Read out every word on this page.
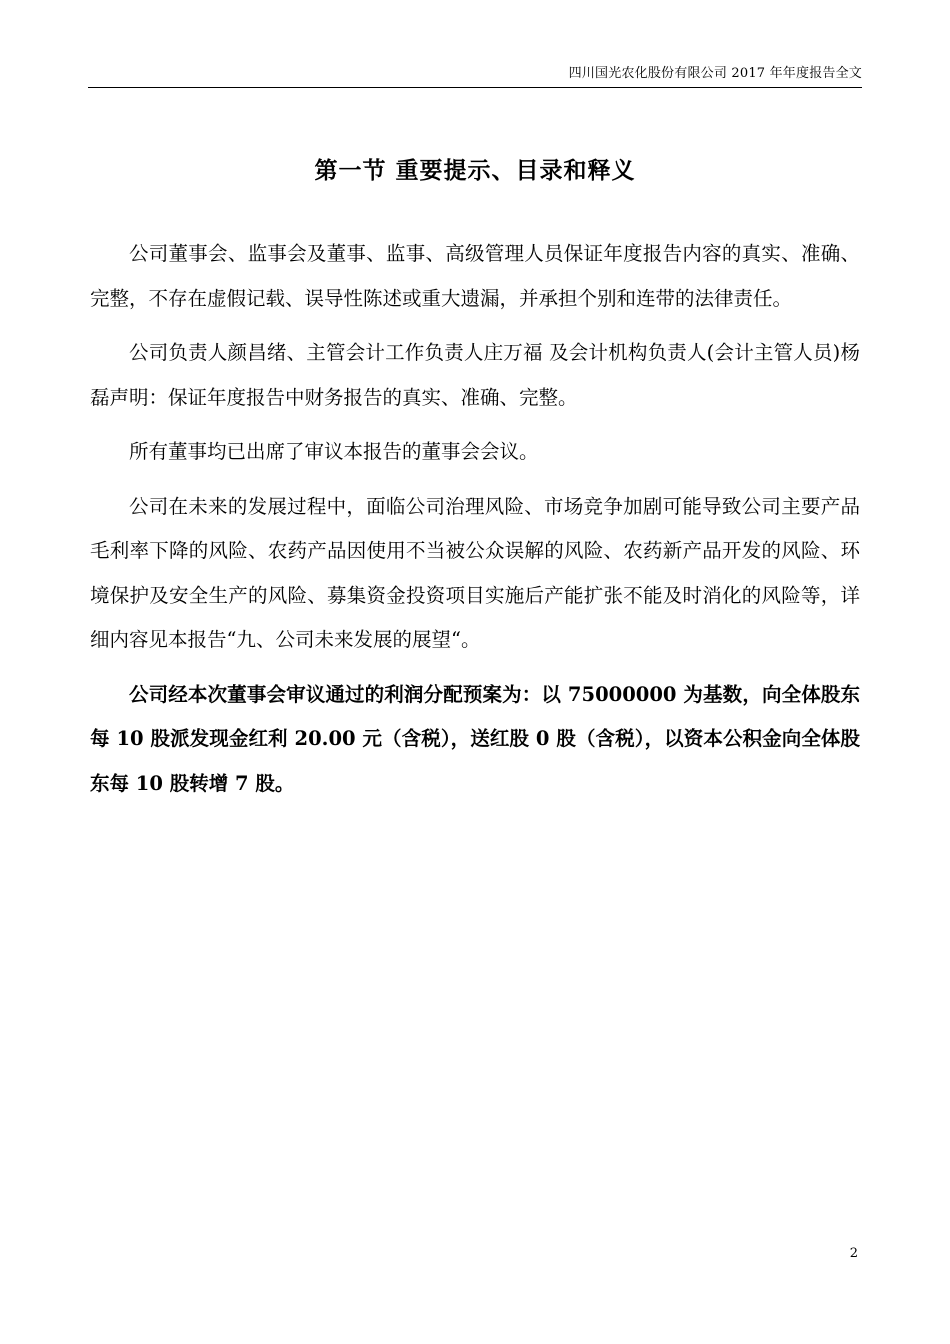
四川国光农化股份有限公司 2017 年年度报告全文
第一节 重要提示、目录和释义

公司董事会、监事会及董事、监事、高级管理人员保证年度报告内容的真实、准确、完整，不存在虚假记载、误导性陈述或重大遗漏，并承担个别和连带的法律责任。

公司负责人颜昌绪、主管会计工作负责人庄万福 及会计机构负责人(会计主管人员)杨磊声明：保证年度报告中财务报告的真实、准确、完整。

所有董事均已出席了审议本报告的董事会会议。

公司在未来的发展过程中，面临公司治理风险、市场竞争加剧可能导致公司主要产品毛利率下降的风险、农药产品因使用不当被公众误解的风险、农药新产品开发的风险、环境保护及安全生产的风险、募集资金投资项目实施后产能扩张不能及时消化的风险等，详细内容见本报告“九、公司未来发展的展望“。

公司经本次董事会审议通过的利润分配预案为：以 75000000 为基数，向全体股东每 10 股派发现金红利 20.00 元（含税），送红股 0 股（含税），以资本公积金向全体股东每 10 股转增 7 股。

2
